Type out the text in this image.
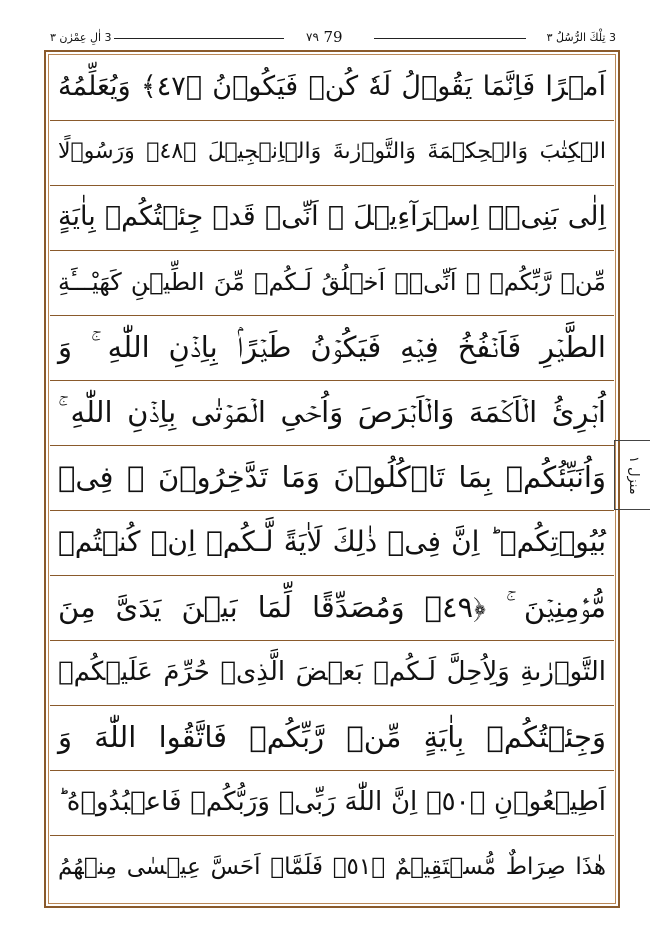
3 تِلْكَ الرُّسُلُ ٣
٧٩ 79
3 اٰلِ عِمْرٰن ٣
اَمۡرًا فَاِنَّمَا يَقُوۡلُ لَهٗ كُنۡ فَيَكُوۡنُ ﴿٤٧﴾ وَيُعَلِّمُهُ
الۡكِتٰبَ وَالۡحِكۡمَةَ وَالتَّوۡرٰٮةَ وَالۡاِنۡجِيۡلَ ﴿٤٨﴾ وَرَسُوۡلًا
اِلٰى بَنِىۡۤ اِسۡرَآءِيۡلَ ۙ اَنِّىۡ قَدۡ جِئۡتُكُمۡ بِاٰيَةٍ
مِّنۡ رَّبِّكُمۡ ۙ اَنِّىۡۤ اَخۡلُقُ لَـكُمۡ مِّنَ الطِّيۡنِ كَهَیْـــَٔةِ
الطَّيۡرِ فَاَنۡفُخُ فِيۡهِ فَيَكُوۡنُ طَيۡرًاۢ بِاِذۡنِ اللّٰهِ ۚ وَ
اُبۡرِئُ الۡاَكۡمَهَ وَالۡاَبۡرَصَ وَاُحۡىِ الۡمَوۡتٰى بِاِذۡنِ اللّٰهِ ۚ
وَاُنَبِّئُكُمۡ بِمَا تَاۡكُلُوۡنَ وَمَا تَدَّخِرُوۡنَ ۙ فِىۡ
بُيُوۡتِكُمۡ ؕ اِنَّ فِىۡ ذٰلِكَ لَاٰيَةً لَّـكُمۡ اِنۡ كُنۡتُمۡ
مُّؤۡمِنِيۡنَ ۚ ﴿٤٩﴾ وَمُصَدِّقًا لِّمَا بَيۡنَ يَدَىَّ مِنَ
التَّوۡرٰٮةِ وَلِاُحِلَّ لَـكُمۡ بَعۡضَ الَّذِىۡ حُرِّمَ عَلَيۡكُمۡ
وَجِئۡتُكُمۡ بِاٰيَةٍ مِّنۡ رَّبِّكُمۡ فَاتَّقُوا اللّٰهَ وَ
اَطِيۡعُوۡنِ ﴿٥٠﴾ اِنَّ اللّٰهَ رَبِّىۡ وَرَبُّكُمۡ فَاعۡبُدُوۡهُ ؕ
هٰذَا صِرَاطٌ مُّسۡتَقِيۡمٌ ﴿٥١﴾ فَلَمَّاۤ اَحَسَّ عِيۡسٰى مِنۡهُمُ
منزل ١
